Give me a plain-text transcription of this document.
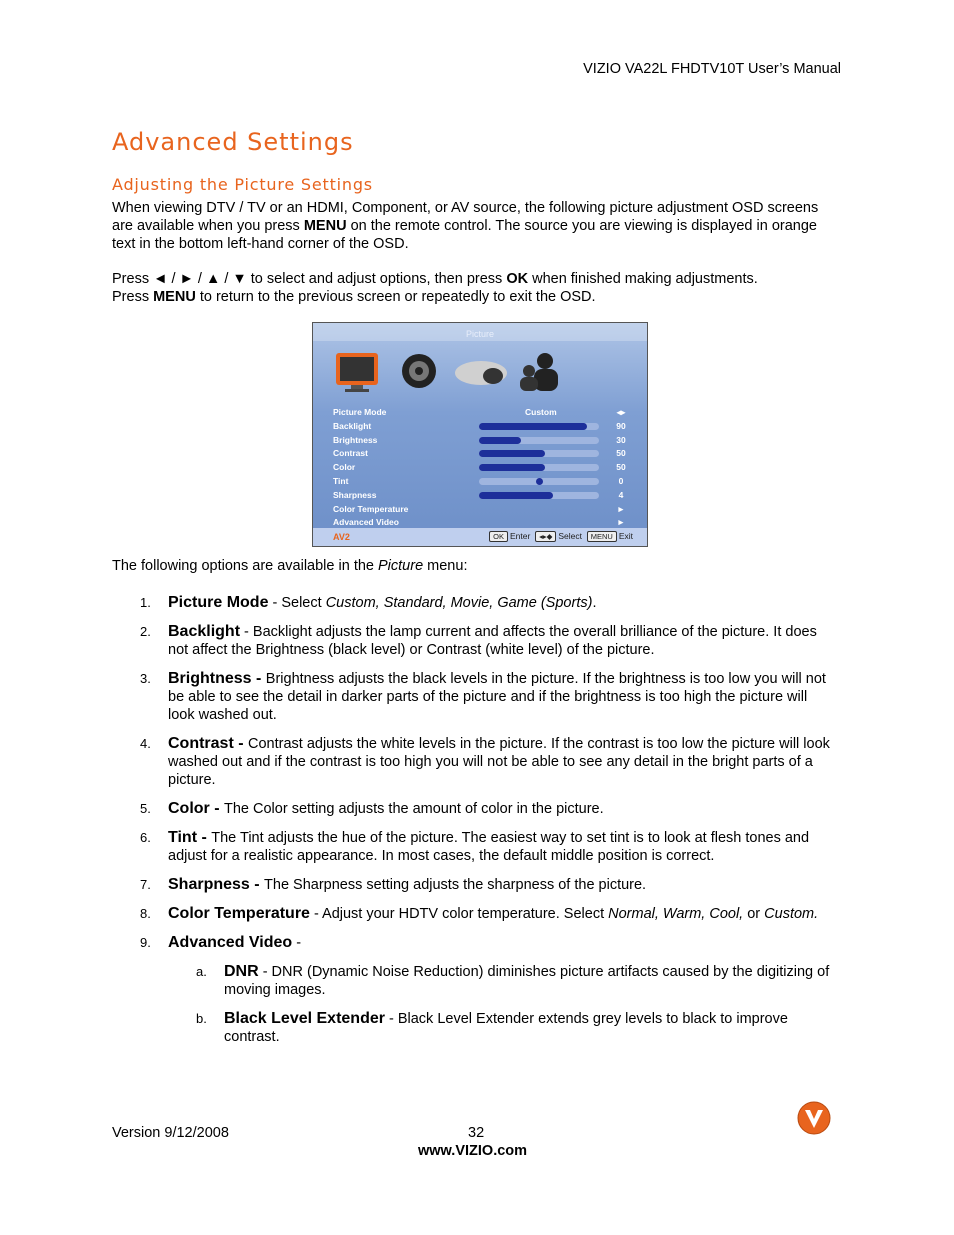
VIZIO VA22L FHDTV10T User’s Manual
Advanced Settings
Adjusting the Picture Settings
When viewing DTV / TV or an HDMI, Component, or AV source, the following picture adjustment OSD screens are available when you press MENU on the remote control. The source you are viewing is displayed in orange text in the bottom left-hand corner of the OSD.
Press ◄ / ► / ▲ / ▼ to select and adjust options, then press OK when finished making adjustments.
Press MENU to return to the previous screen or repeatedly to exit the OSD.
Picture
Picture Mode	Custom	◂▸
Backlight	90
Brightness	30
Contrast	50
Color	50
Tint	0
Sharpness	4
Color Temperature	►
Advanced Video	►
AV2	OK Enter ◂▸◆ Select MENU Exit
The following options are available in the Picture menu:
1. Picture Mode - Select Custom, Standard, Movie, Game (Sports).
2. Backlight - Backlight adjusts the lamp current and affects the overall brilliance of the picture. It does not affect the Brightness (black level) or Contrast (white level) of the picture.
3. Brightness - Brightness adjusts the black levels in the picture. If the brightness is too low you will not be able to see the detail in darker parts of the picture and if the brightness is too high the picture will look washed out.
4. Contrast - Contrast adjusts the white levels in the picture. If the contrast is too low the picture will look washed out and if the contrast is too high you will not be able to see any detail in the bright parts of a picture.
5. Color - The Color setting adjusts the amount of color in the picture.
6. Tint - The Tint adjusts the hue of the picture. The easiest way to set tint is to look at flesh tones and adjust for a realistic appearance. In most cases, the default middle position is correct.
7. Sharpness - The Sharpness setting adjusts the sharpness of the picture.
8. Color Temperature - Adjust your HDTV color temperature. Select Normal, Warm, Cool, or Custom.
9. Advanced Video -
a. DNR - DNR (Dynamic Noise Reduction) diminishes picture artifacts caused by the digitizing of moving images.
b. Black Level Extender - Black Level Extender extends grey levels to black to improve contrast.
Version 9/12/2008	32
www.VIZIO.com
